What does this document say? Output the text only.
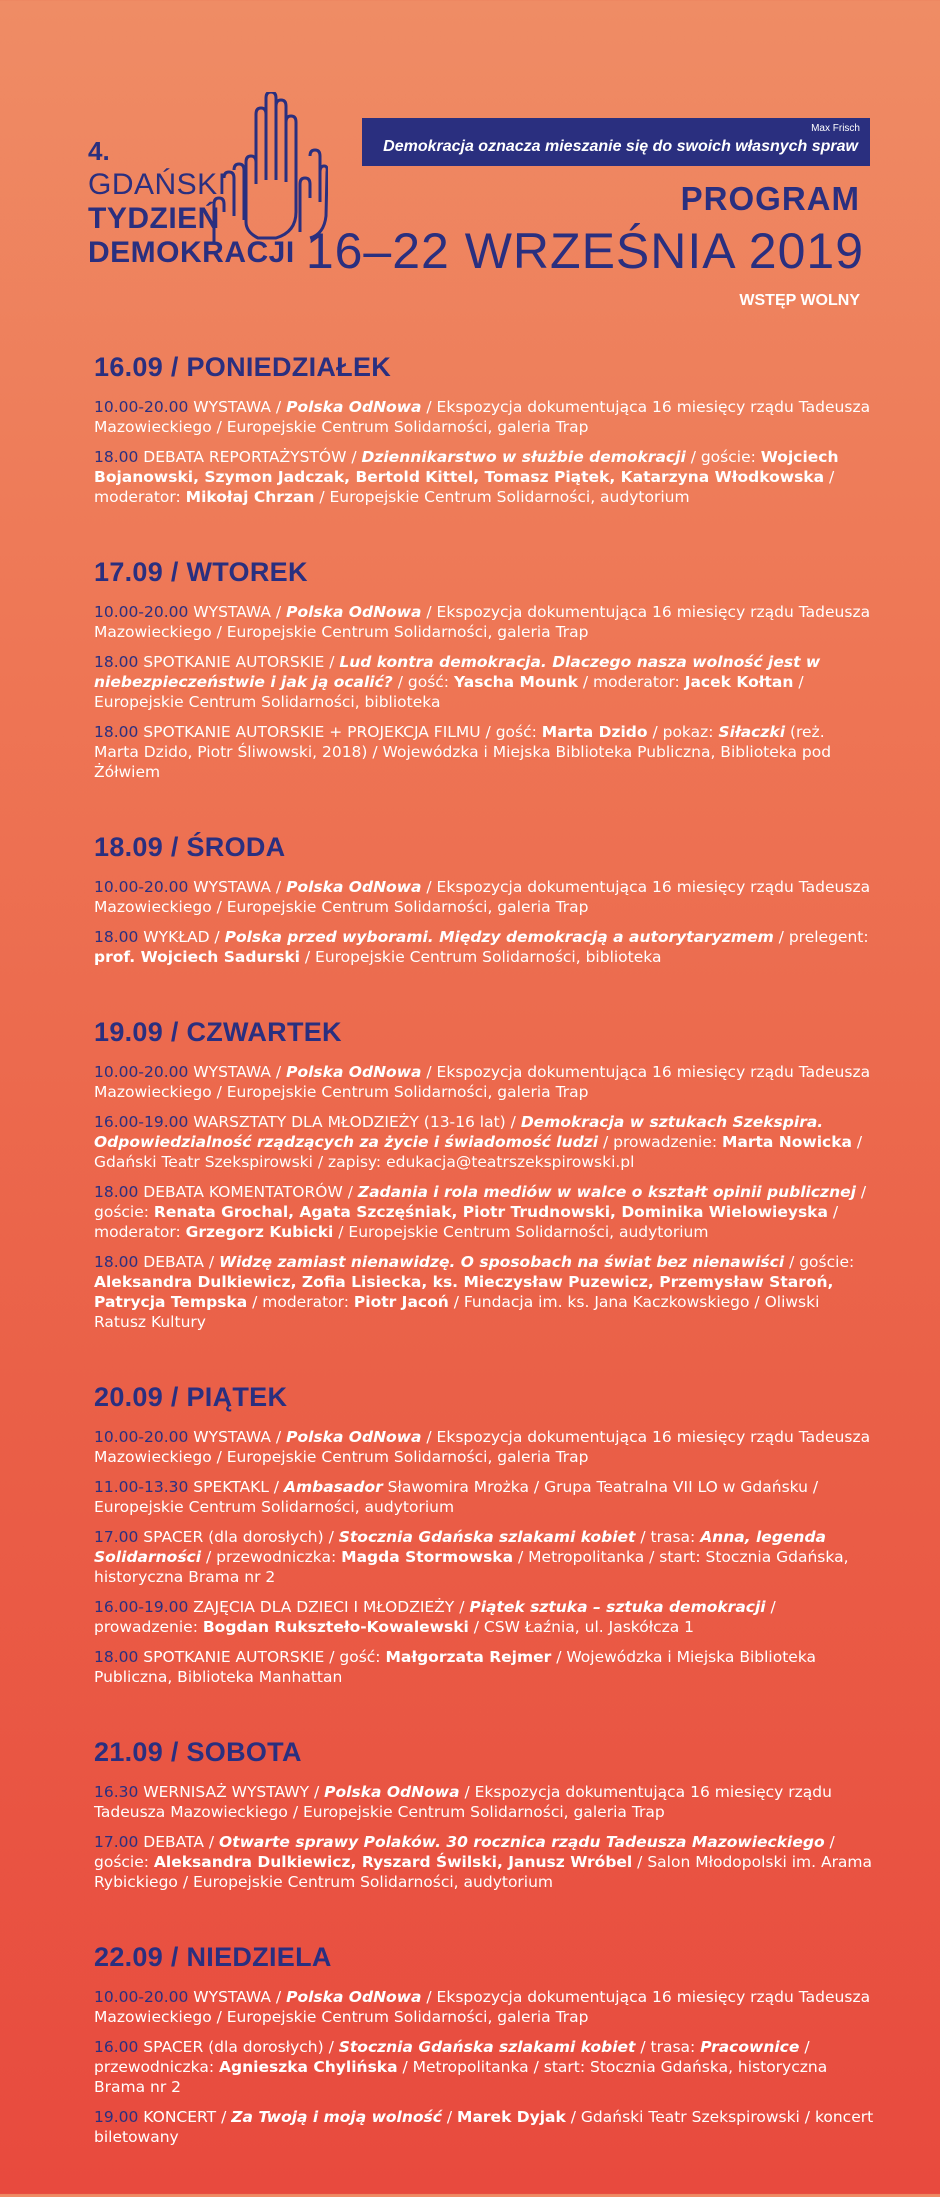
4.
GDAŃSKI
TYDZIEŃ
DEMOKRACJI
Max Frisch
Demokracja oznacza mieszanie się do swoich własnych spraw
PROGRAM
16–22 WRZEŚNIA 2019
WSTĘP WOLNY
16.09 / PONIEDZIAŁEK
10.00-20.00 WYSTAWA / Polska OdNowa / Ekspozycja dokumentująca 16 miesięcy rządu Tadeusza Mazowieckiego / Europejskie Centrum Solidarności, galeria Trap
18.00 DEBATA REPORTAŻYSTÓW / Dziennikarstwo w służbie demokracji / goście: Wojciech Bojanowski, Szymon Jadczak, Bertold Kittel, Tomasz Piątek, Katarzyna Włodkowska / moderator: Mikołaj Chrzan / Europejskie Centrum Solidarności, audytorium
17.09 / WTOREK
10.00-20.00 WYSTAWA / Polska OdNowa / Ekspozycja dokumentująca 16 miesięcy rządu Tadeusza Mazowieckiego / Europejskie Centrum Solidarności, galeria Trap
18.00 SPOTKANIE AUTORSKIE / Lud kontra demokracja. Dlaczego nasza wolność jest w niebezpieczeństwie i jak ją ocalić? / gość: Yascha Mounk / moderator: Jacek Kołtan / Europejskie Centrum Solidarności, biblioteka
18.00 SPOTKANIE AUTORSKIE + PROJEKCJA FILMU / gość: Marta Dzido / pokaz: Siłaczki (reż. Marta Dzido, Piotr Śliwowski, 2018) / Wojewódzka i Miejska Biblioteka Publiczna, Biblioteka pod Żółwiem
18.09 / ŚRODA
10.00-20.00 WYSTAWA / Polska OdNowa / Ekspozycja dokumentująca 16 miesięcy rządu Tadeusza Mazowieckiego / Europejskie Centrum Solidarności, galeria Trap
18.00 WYKŁAD / Polska przed wyborami. Między demokracją a autorytaryzmem / prelegent: prof. Wojciech Sadurski / Europejskie Centrum Solidarności, biblioteka
19.09 / CZWARTEK
10.00-20.00 WYSTAWA / Polska OdNowa / Ekspozycja dokumentująca 16 miesięcy rządu Tadeusza Mazowieckiego / Europejskie Centrum Solidarności, galeria Trap
16.00-19.00 WARSZTATY DLA MŁODZIEŻY (13-16 lat) / Demokracja w sztukach Szekspira. Odpowiedzialność rządzących za życie i świadomość ludzi / prowadzenie: Marta Nowicka / Gdański Teatr Szekspirowski / zapisy: edukacja@teatrszekspirowski.pl
18.00 DEBATA KOMENTATORÓW / Zadania i rola mediów w walce o kształt opinii publicznej / goście: Renata Grochal, Agata Szczęśniak, Piotr Trudnowski, Dominika Wielowieyska / moderator: Grzegorz Kubicki / Europejskie Centrum Solidarności, audytorium
18.00 DEBATA / Widzę zamiast nienawidzę. O sposobach na świat bez nienawiści / goście: Aleksandra Dulkiewicz, Zofia Lisiecka, ks. Mieczysław Puzewicz, Przemysław Staroń, Patrycja Tempska / moderator: Piotr Jacoń / Fundacja im. ks. Jana Kaczkowskiego / Oliwski Ratusz Kultury
20.09 / PIĄTEK
10.00-20.00 WYSTAWA / Polska OdNowa / Ekspozycja dokumentująca 16 miesięcy rządu Tadeusza Mazowieckiego / Europejskie Centrum Solidarności, galeria Trap
11.00-13.30 SPEKTAKL / Ambasador Sławomira Mrożka / Grupa Teatralna VII LO w Gdańsku / Europejskie Centrum Solidarności, audytorium
17.00 SPACER (dla dorosłych) / Stocznia Gdańska szlakami kobiet / trasa: Anna, legenda Solidarności / przewodniczka: Magda Stormowska / Metropolitanka / start: Stocznia Gdańska, historyczna Brama nr 2
16.00-19.00 ZAJĘCIA DLA DZIECI I MŁODZIEŻY / Piątek sztuka – sztuka demokracji / prowadzenie: Bogdan Rukszteło-Kowalewski / CSW Łaźnia, ul. Jaskółcza 1
18.00 SPOTKANIE AUTORSKIE / gość: Małgorzata Rejmer / Wojewódzka i Miejska Biblioteka Publiczna, Biblioteka Manhattan
21.09 / SOBOTA
16.30 WERNISAŻ WYSTAWY / Polska OdNowa / Ekspozycja dokumentująca 16 miesięcy rządu Tadeusza Mazowieckiego / Europejskie Centrum Solidarności, galeria Trap
17.00 DEBATA / Otwarte sprawy Polaków. 30 rocznica rządu Tadeusza Mazowieckiego / goście: Aleksandra Dulkiewicz, Ryszard Świlski, Janusz Wróbel / Salon Młodopolski im. Arama Rybickiego / Europejskie Centrum Solidarności, audytorium
22.09 / NIEDZIELA
10.00-20.00 WYSTAWA / Polska OdNowa / Ekspozycja dokumentująca 16 miesięcy rządu Tadeusza Mazowieckiego / Europejskie Centrum Solidarności, galeria Trap
16.00 SPACER (dla dorosłych) / Stocznia Gdańska szlakami kobiet / trasa: Pracownice / przewodniczka: Agnieszka Chylińska / Metropolitanka / start: Stocznia Gdańska, historyczna Brama nr 2
19.00 KONCERT / Za Twoją i moją wolność / Marek Dyjak / Gdański Teatr Szekspirowski / koncert biletowany
